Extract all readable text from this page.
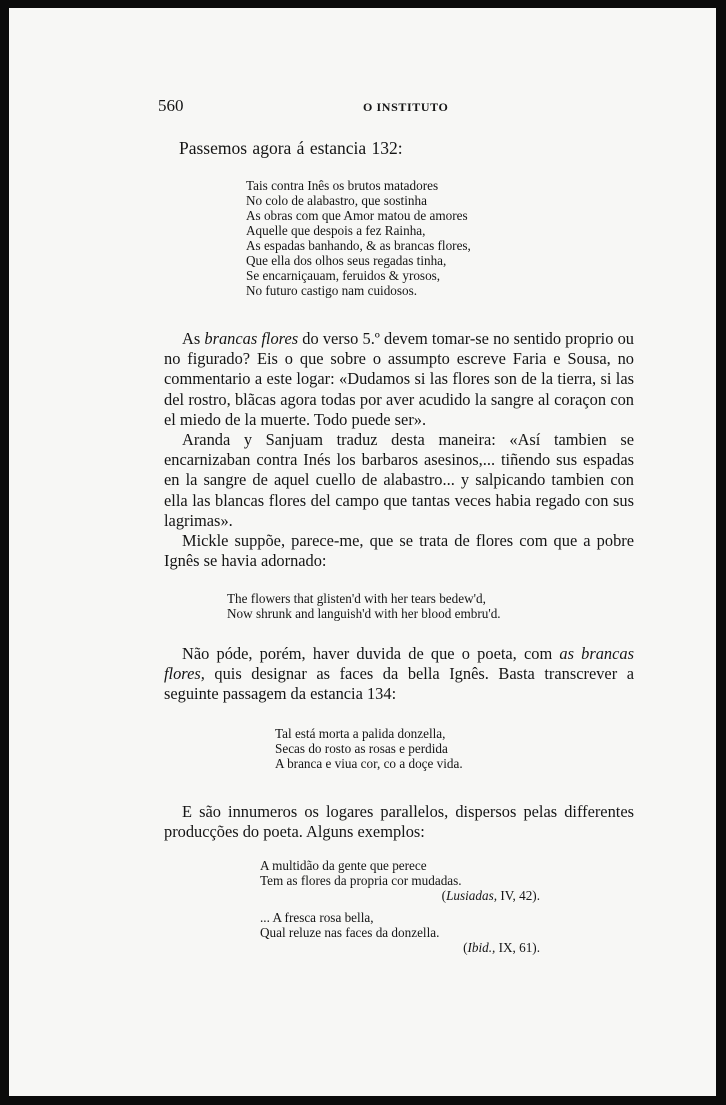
560	O INSTITUTO
Passemos agora á estancia 132:
Tais contra Inês os brutos matadores
No colo de alabastro, que sostinha
As obras com que Amor matou de amores
Aquelle que despois a fez Rainha,
As espadas banhando, & as brancas flores,
Que ella dos olhos seus regadas tinha,
Se encarniçauam, feruidos & yrosos,
No futuro castigo nam cuidosos.

As brancas flores do verso 5.º devem tomar-se no sentido proprio ou no figurado? Eis o que sobre o assumpto escreve Faria e Sousa, no commentario a este logar: «Dudamos si las flores son de la tierra, si las del rostro, blãcas agora todas por aver acudido la sangre al coraçon con el miedo de la muerte. Todo puede ser».

Aranda y Sanjuam traduz desta maneira: «Así tambien se encarnizaban contra Inés los barbaros asesinos,... tiñendo sus espadas en la sangre de aquel cuello de alabastro... y salpicando tambien con ella las blancas flores del campo que tantas veces habia regado con sus lagrimas».

Mickle suppõe, parece-me, que se trata de flores com que a pobre Ignês se havia adornado:

The flowers that glisten'd with her tears bedew'd,
Now shrunk and languish'd with her blood embru'd.

Não póde, porém, haver duvida de que o poeta, com as brancas flores, quis designar as faces da bella Ignês. Basta transcrever a seguinte passagem da estancia 134:

Tal está morta a palida donzella,
Secas do rosto as rosas e perdida
A branca e viua cor, co a doçe vida.

E são innumeros os logares parallelos, dispersos pelas differentes producções do poeta. Alguns exemplos:

A multidão da gente que perece
Tem as flores da propria cor mudadas.
(Lusiadas, IV, 42).
... A fresca rosa bella,
Qual reluze nas faces da donzella.
(Ibid., IX, 61).
